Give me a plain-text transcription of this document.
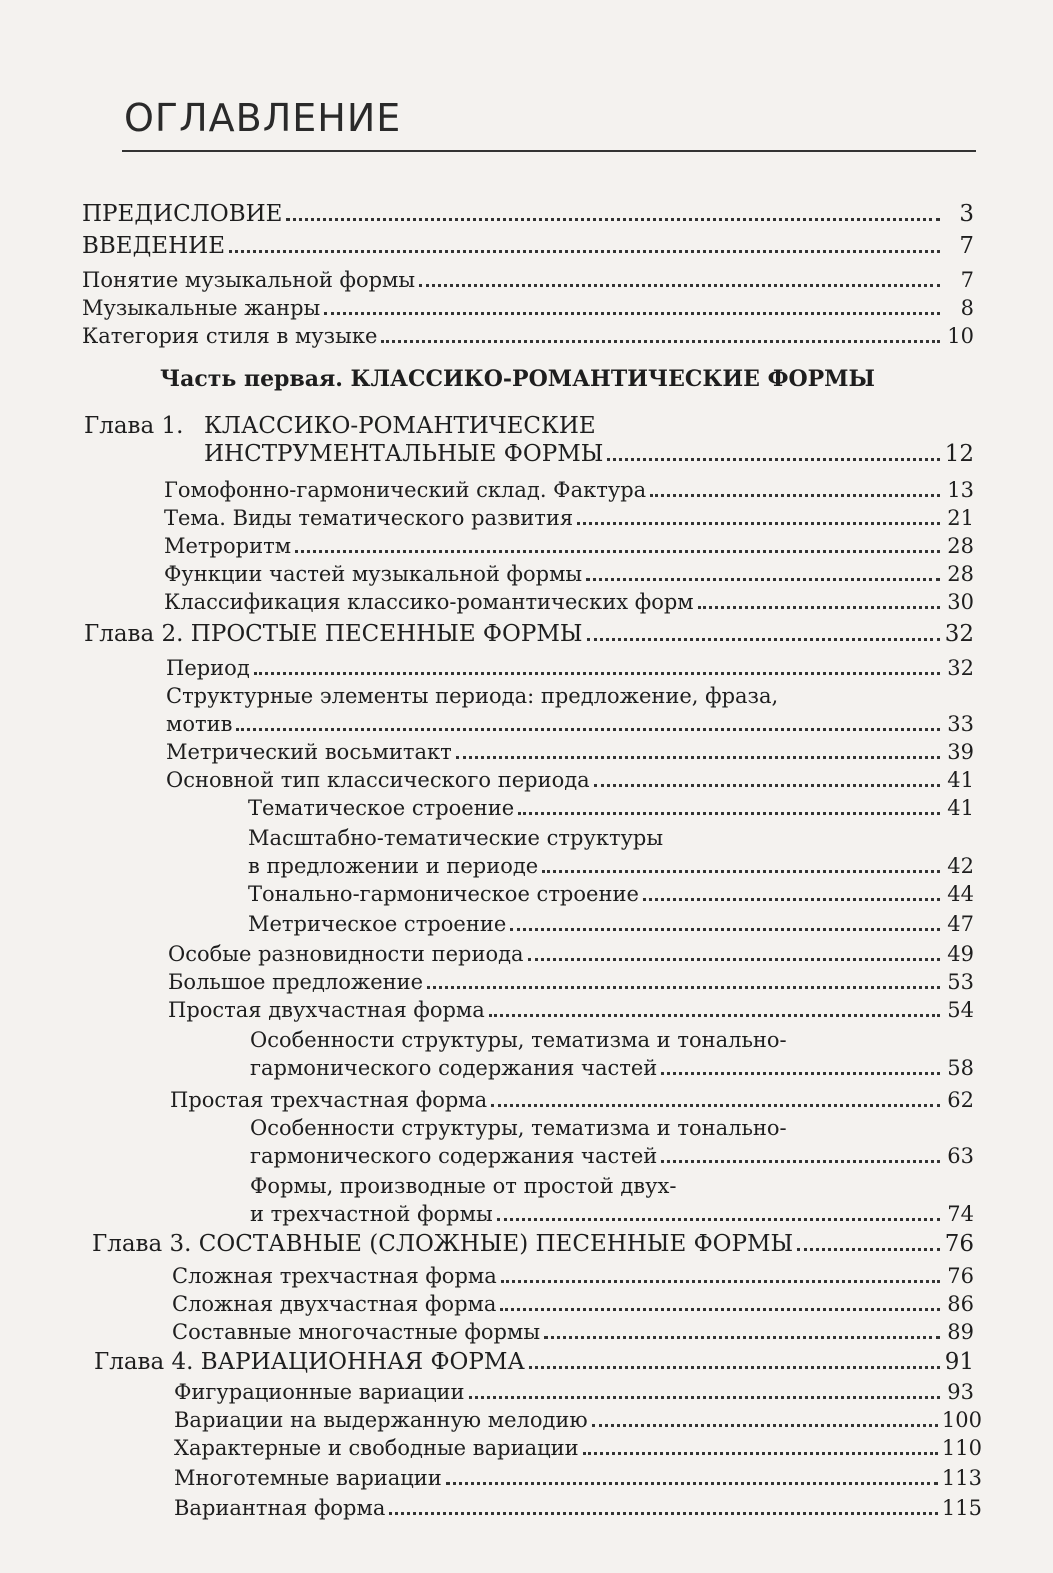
ОГЛАВЛЕНИЕ
ПРЕДИСЛОВИЕ	3
ВВЕДЕНИЕ	7
Понятие музыкальной формы	7
Музыкальные жанры	8
Категория стиля в музыке	10
Часть первая. КЛАССИКО-РОМАНТИЧЕСКИЕ ФОРМЫ
Глава 1. КЛАССИКО-РОМАНТИЧЕСКИЕ
ИНСТРУМЕНТАЛЬНЫЕ ФОРМЫ	12
Гомофонно-гармонический склад. Фактура	13
Тема. Виды тематического развития	21
Метроритм	28
Функции частей музыкальной формы	28
Классификация классико-романтических форм	30
Глава 2. ПРОСТЫЕ ПЕСЕННЫЕ ФОРМЫ	32
Период	32
Структурные элементы периода: предложение, фраза,
мотив	33
Метрический восьмитакт	39
Основной тип классического периода	41
Тематическое строение	41
Масштабно-тематические структуры
в предложении и периоде	42
Тонально-гармоническое строение	44
Метрическое строение	47
Особые разновидности периода	49
Большое предложение	53
Простая двухчастная форма	54
Особенности структуры, тематизма и тонально-
гармонического содержания частей	58
Простая трехчастная форма	62
Особенности структуры, тематизма и тонально-
гармонического содержания частей	63
Формы, производные от простой двух-
и трехчастной формы	74
Глава 3. СОСТАВНЫЕ (СЛОЖНЫЕ) ПЕСЕННЫЕ ФОРМЫ	76
Сложная трехчастная форма	76
Сложная двухчастная форма	86
Составные многочастные формы	89
Глава 4. ВАРИАЦИОННАЯ ФОРМА	91
Фигурационные вариации	93
Вариации на выдержанную мелодию	100
Характерные и свободные вариации	110
Многотемные вариации	113
Вариантная форма	115
